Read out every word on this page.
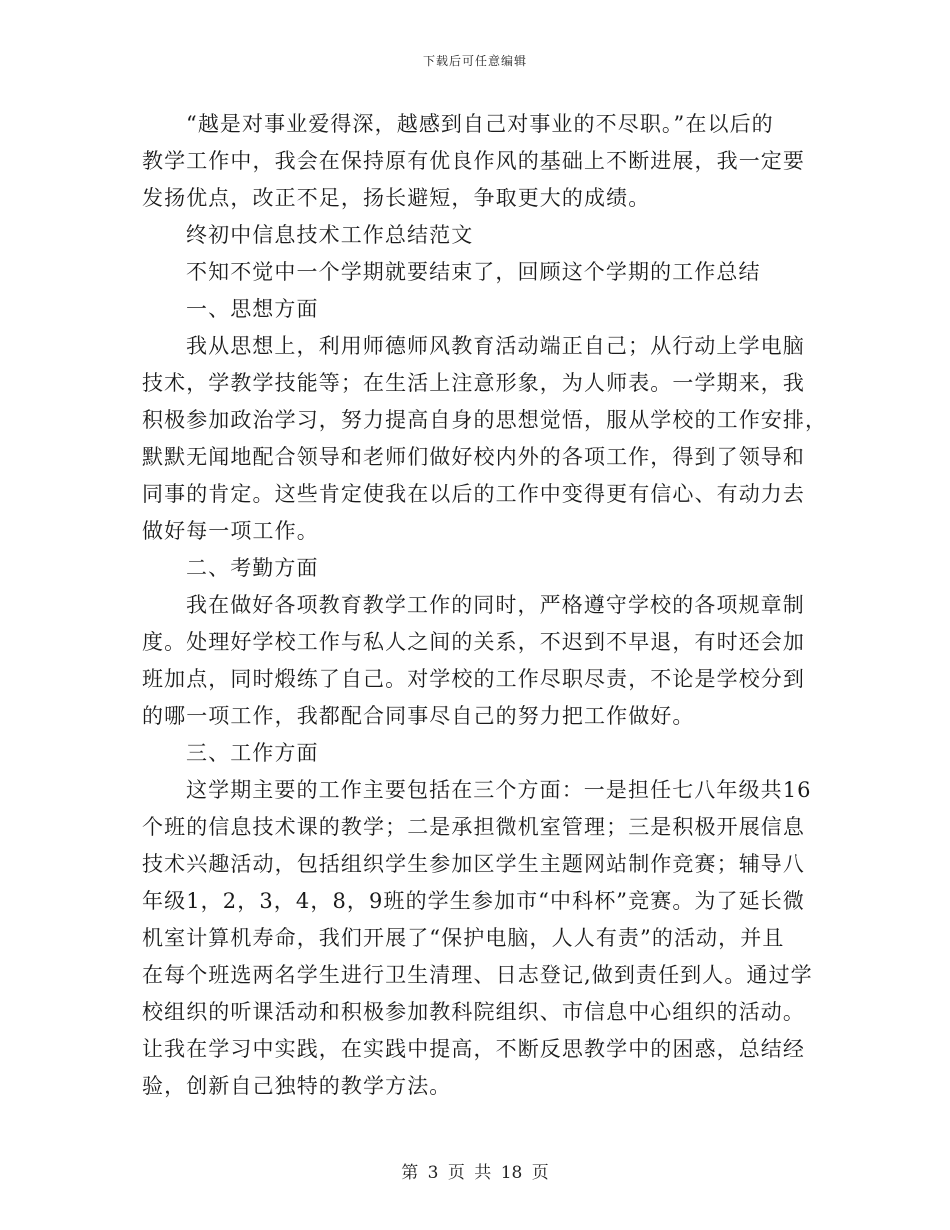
下载后可任意编辑
“越是对事业爱得深，越感到自己对事业的不尽职。”在以后的
教学工作中，我会在保持原有优良作风的基础上不断进展，我一定要
发扬优点，改正不足，扬长避短，争取更大的成绩。
终初中信息技术工作总结范文
不知不觉中一个学期就要结束了，回顾这个学期的工作总结
一、思想方面
我从思想上，利用师德师风教育活动端正自己；从行动上学电脑
技术，学教学技能等；在生活上注意形象，为人师表。一学期来，我
积极参加政治学习，努力提高自身的思想觉悟，服从学校的工作安排，
默默无闻地配合领导和老师们做好校内外的各项工作，得到了领导和
同事的肯定。这些肯定使我在以后的工作中变得更有信心、有动力去
做好每一项工作。
二、考勤方面
我在做好各项教育教学工作的同时，严格遵守学校的各项规章制
度。处理好学校工作与私人之间的关系，不迟到不早退，有时还会加
班加点，同时煅练了自己。对学校的工作尽职尽责，不论是学校分到
的哪一项工作，我都配合同事尽自己的努力把工作做好。
三、工作方面
这学期主要的工作主要包括在三个方面：一是担任七八年级共16
个班的信息技术课的教学；二是承担微机室管理；三是积极开展信息
技术兴趣活动，包括组织学生参加区学生主题网站制作竞赛；辅导八
年级1，2，3，4，8，9班的学生参加市“中科杯”竞赛。为了延长微
机室计算机寿命，我们开展了“保护电脑，人人有责”的活动，并且
在每个班选两名学生进行卫生清理、日志登记,做到责任到人。通过学
校组织的听课活动和积极参加教科院组织、市信息中心组织的活动。
让我在学习中实践，在实践中提高，不断反思教学中的困惑，总结经
验，创新自己独特的教学方法。
第 3 页 共 18 页
